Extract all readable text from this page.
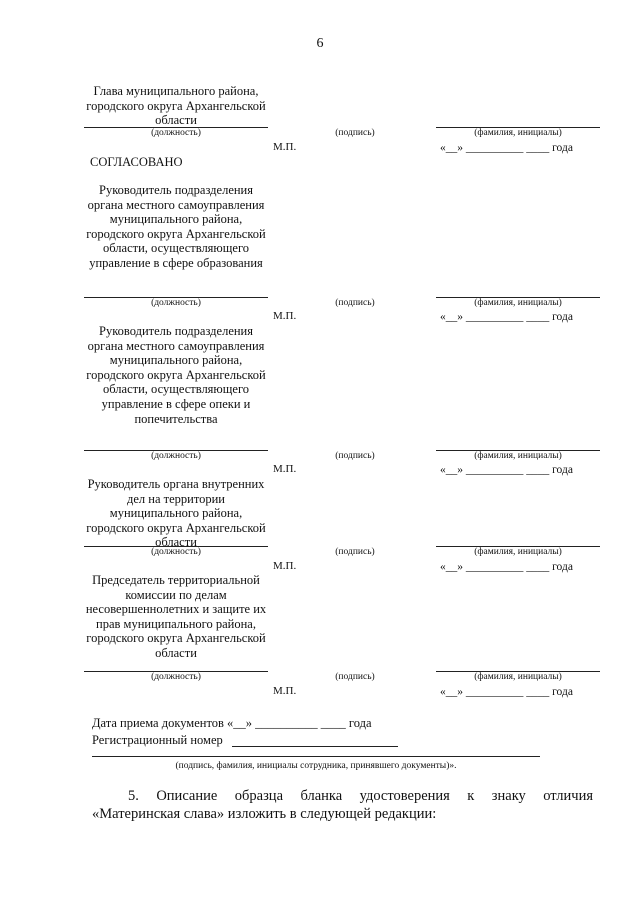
6
Глава муниципального района, городского округа Архангельской области
(должность)	(подпись)	(фамилия, инициалы)
М.П.	«__» __________ ____ года
СОГЛАСОВАНО
Руководитель подразделения органа местного самоуправления муниципального района, городского округа Архангельской области, осуществляющего управление в сфере образования
(должность)	(подпись)	(фамилия, инициалы)
М.П.	«__» __________ ____ года
Руководитель подразделения органа местного самоуправления муниципального района, городского округа Архангельской области, осуществляющего управление в сфере опеки и попечительства
(должность)	(подпись)	(фамилия, инициалы)
М.П.	«__» __________ ____ года
Руководитель органа внутренних дел на территории муниципального района, городского округа Архангельской области
(должность)	(подпись)	(фамилия, инициалы)
М.П.	«__» __________ ____ года
Председатель территориальной комиссии по делам несовершеннолетних и защите их прав муниципального района, городского округа Архангельской области
(должность)	(подпись)	(фамилия, инициалы)
М.П.	«__» __________ ____ года
Дата приема документов «__» __________ ____ года
Регистрационный номер
(подпись, фамилия, инициалы сотрудника, принявшего документы)».
5. Описание образца бланка удостоверения к знаку отличия
«Материнская слава» изложить в следующей редакции:
